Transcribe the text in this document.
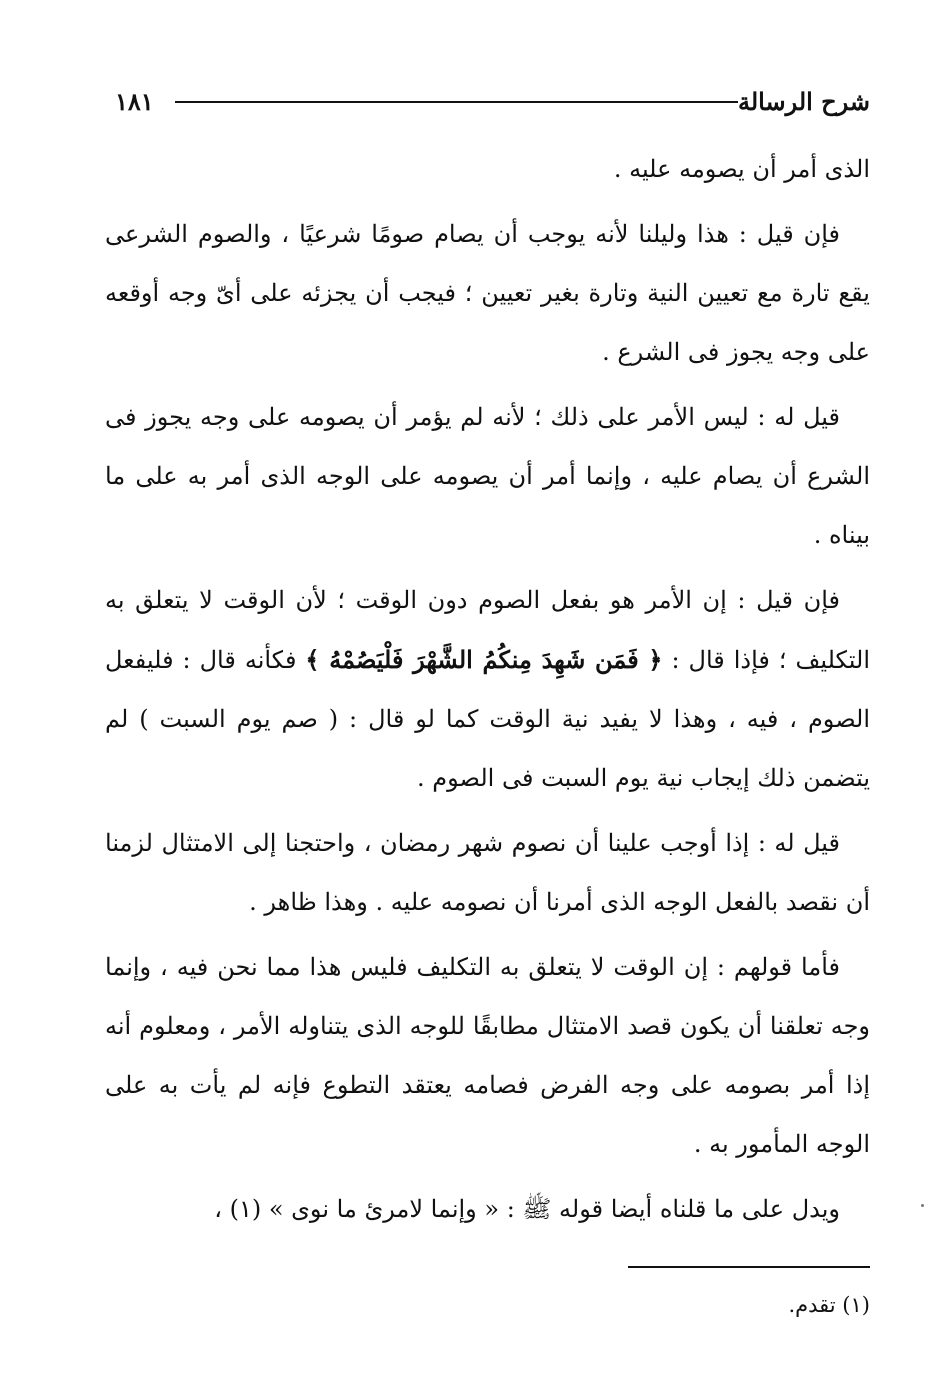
شرح الرسالة
١٨١

الذى أمر أن يصومه عليه .

فإن قيل : هذا وليلنا لأنه يوجب أن يصام صومًا شرعيًا ، والصوم الشرعى يقع تارة مع تعيين النية وتارة بغير تعيين ؛ فيجب أن يجزئه على أىّ وجه أوقعه على وجه يجوز فى الشرع .

قيل له : ليس الأمر على ذلك ؛ لأنه لم يؤمر أن يصومه على وجه يجوز فى الشرع أن يصام عليه ، وإنما أمر أن يصومه على الوجه الذى أمر به على ما بيناه .

فإن قيل : إن الأمر هو بفعل الصوم دون الوقت ؛ لأن الوقت لا يتعلق به التكليف ؛ فإذا قال : ﴿ فَمَن شَهِدَ مِنكُمُ الشَّهْرَ فَلْيَصُمْهُ ﴾ فكأنه قال : فليفعل الصوم ، فيه ، وهذا لا يفيد نية الوقت كما لو قال : ( صم يوم السبت ) لم يتضمن ذلك إيجاب نية يوم السبت فى الصوم .

قيل له : إذا أوجب علينا أن نصوم شهر رمضان ، واحتجنا إلى الامتثال لزمنا أن نقصد بالفعل الوجه الذى أمرنا أن نصومه عليه . وهذا ظاهر .

فأما قولهم : إن الوقت لا يتعلق به التكليف فليس هذا مما نحن فيه ، وإنما وجه تعلقنا أن يكون قصد الامتثال مطابقًا للوجه الذى يتناوله الأمر ، ومعلوم أنه إذا أمر بصومه على وجه الفرض فصامه يعتقد التطوع فإنه لم يأت به على الوجه المأمور به .

ويدل على ما قلناه أيضا قوله ﷺ : « وإنما لامرئ ما نوى » (١) ،

(١) تقدم.
